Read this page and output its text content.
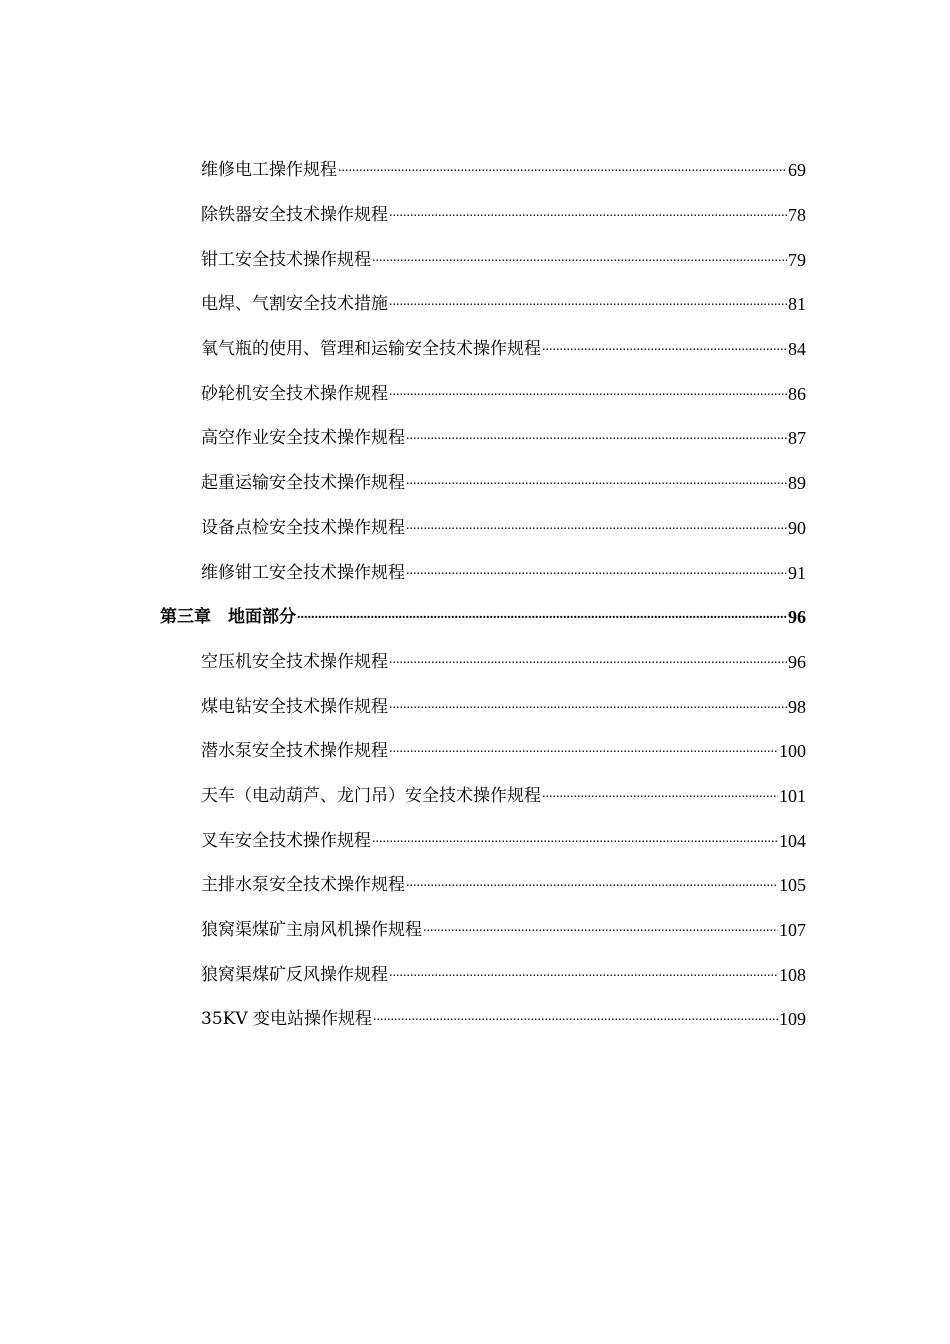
维修电工操作规程 .....	69
除铁器安全技术操作规程 .....	78
钳工安全技术操作规程 .....	79
电焊、气割安全技术措施 .....	81
氧气瓶的使用、管理和运输安全技术操作规程 .....	84
砂轮机安全技术操作规程 .....	86
高空作业安全技术操作规程 .....	87
起重运输安全技术操作规程 .....	89
设备点检安全技术操作规程 .....	90
维修钳工安全技术操作规程 .....	91
第三章　地面部分 .....	96
空压机安全技术操作规程 .....	96
煤电钻安全技术操作规程 .....	98
潜水泵安全技术操作规程 .....	100
天车（电动葫芦、龙门吊）安全技术操作规程 .....	101
叉车安全技术操作规程 .....	104
主排水泵安全技术操作规程 .....	105
狼窝渠煤矿主扇风机操作规程 .....	107
狼窝渠煤矿反风操作规程 .....	108
35KV 变电站操作规程 .....	109
